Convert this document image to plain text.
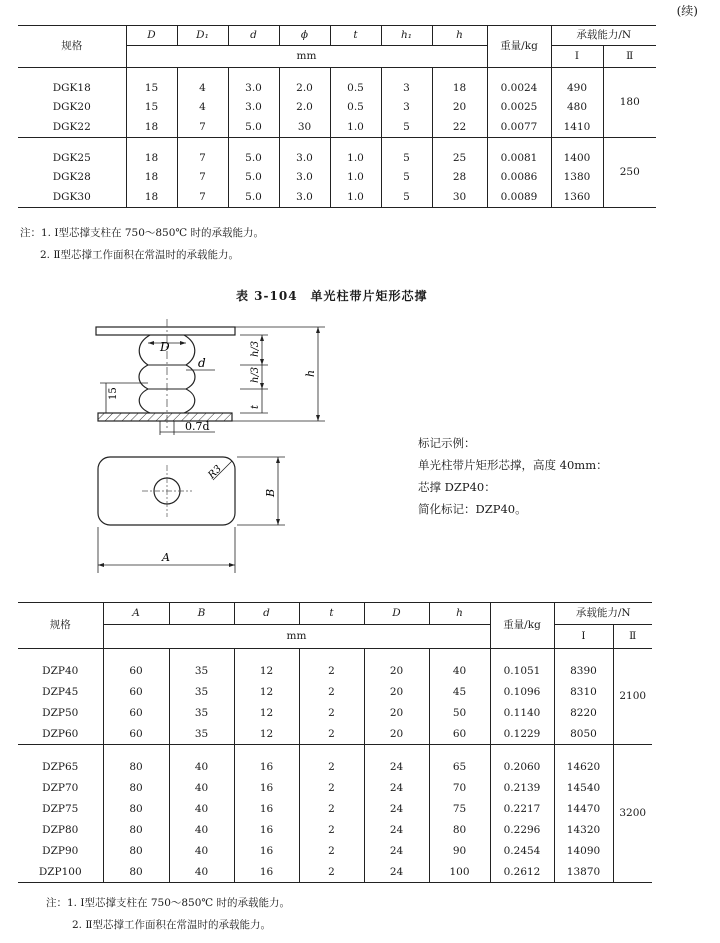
(续)
规格	D	D₁	d	ϕ	t	h₁	h	重量/kg	承载能力/N	
	mm								Ⅰ	Ⅱ
DGK18	15	4	3.0	2.0	0.5	3	18	0.0024	490	180
DGK20	15	4	3.0	2.0	0.5	3	20	0.0025	480	
DGK22	18	7	5.0	30	1.0	5	22	0.0077	1410	
DGK25	18	7	5.0	3.0	1.0	5	25	0.0081	1400	250
DGK28	18	7	5.0	3.0	1.0	5	28	0.0086	1380	
DGK30	18	7	5.0	3.0	1.0	5	30	0.0089	1360	
注：1. Ⅰ型芯撑支柱在 750～850℃ 时的承载能力。
2. Ⅱ型芯撑工作面积在常温时的承载能力。
表 3-104　单光柱带片矩形芯撑
D
d
h/3
h/3
t
h
15
0.7d
R3
B
A
标记示例：
单光柱带片矩形芯撑，高度 40mm：
芯撑 DZP40：
简化标记：DZP40。
规格	A	B	d	t	D	h	重量/kg	承载能力/N	
	mm							Ⅰ	Ⅱ
DZP40	60	35	12	2	20	40	0.1051	8390	2100
DZP45	60	35	12	2	20	45	0.1096	8310	
DZP50	60	35	12	2	20	50	0.1140	8220	
DZP60	60	35	12	2	20	60	0.1229	8050	
DZP65	80	40	16	2	24	65	0.2060	14620	3200
DZP70	80	40	16	2	24	70	0.2139	14540	
DZP75	80	40	16	2	24	75	0.2217	14470	
DZP80	80	40	16	2	24	80	0.2296	14320	
DZP90	80	40	16	2	24	90	0.2454	14090	
DZP100	80	40	16	2	24	100	0.2612	13870	
注：1. Ⅰ型芯撑支柱在 750～850℃ 时的承载能力。
2. Ⅱ型芯撑工作面积在常温时的承载能力。
